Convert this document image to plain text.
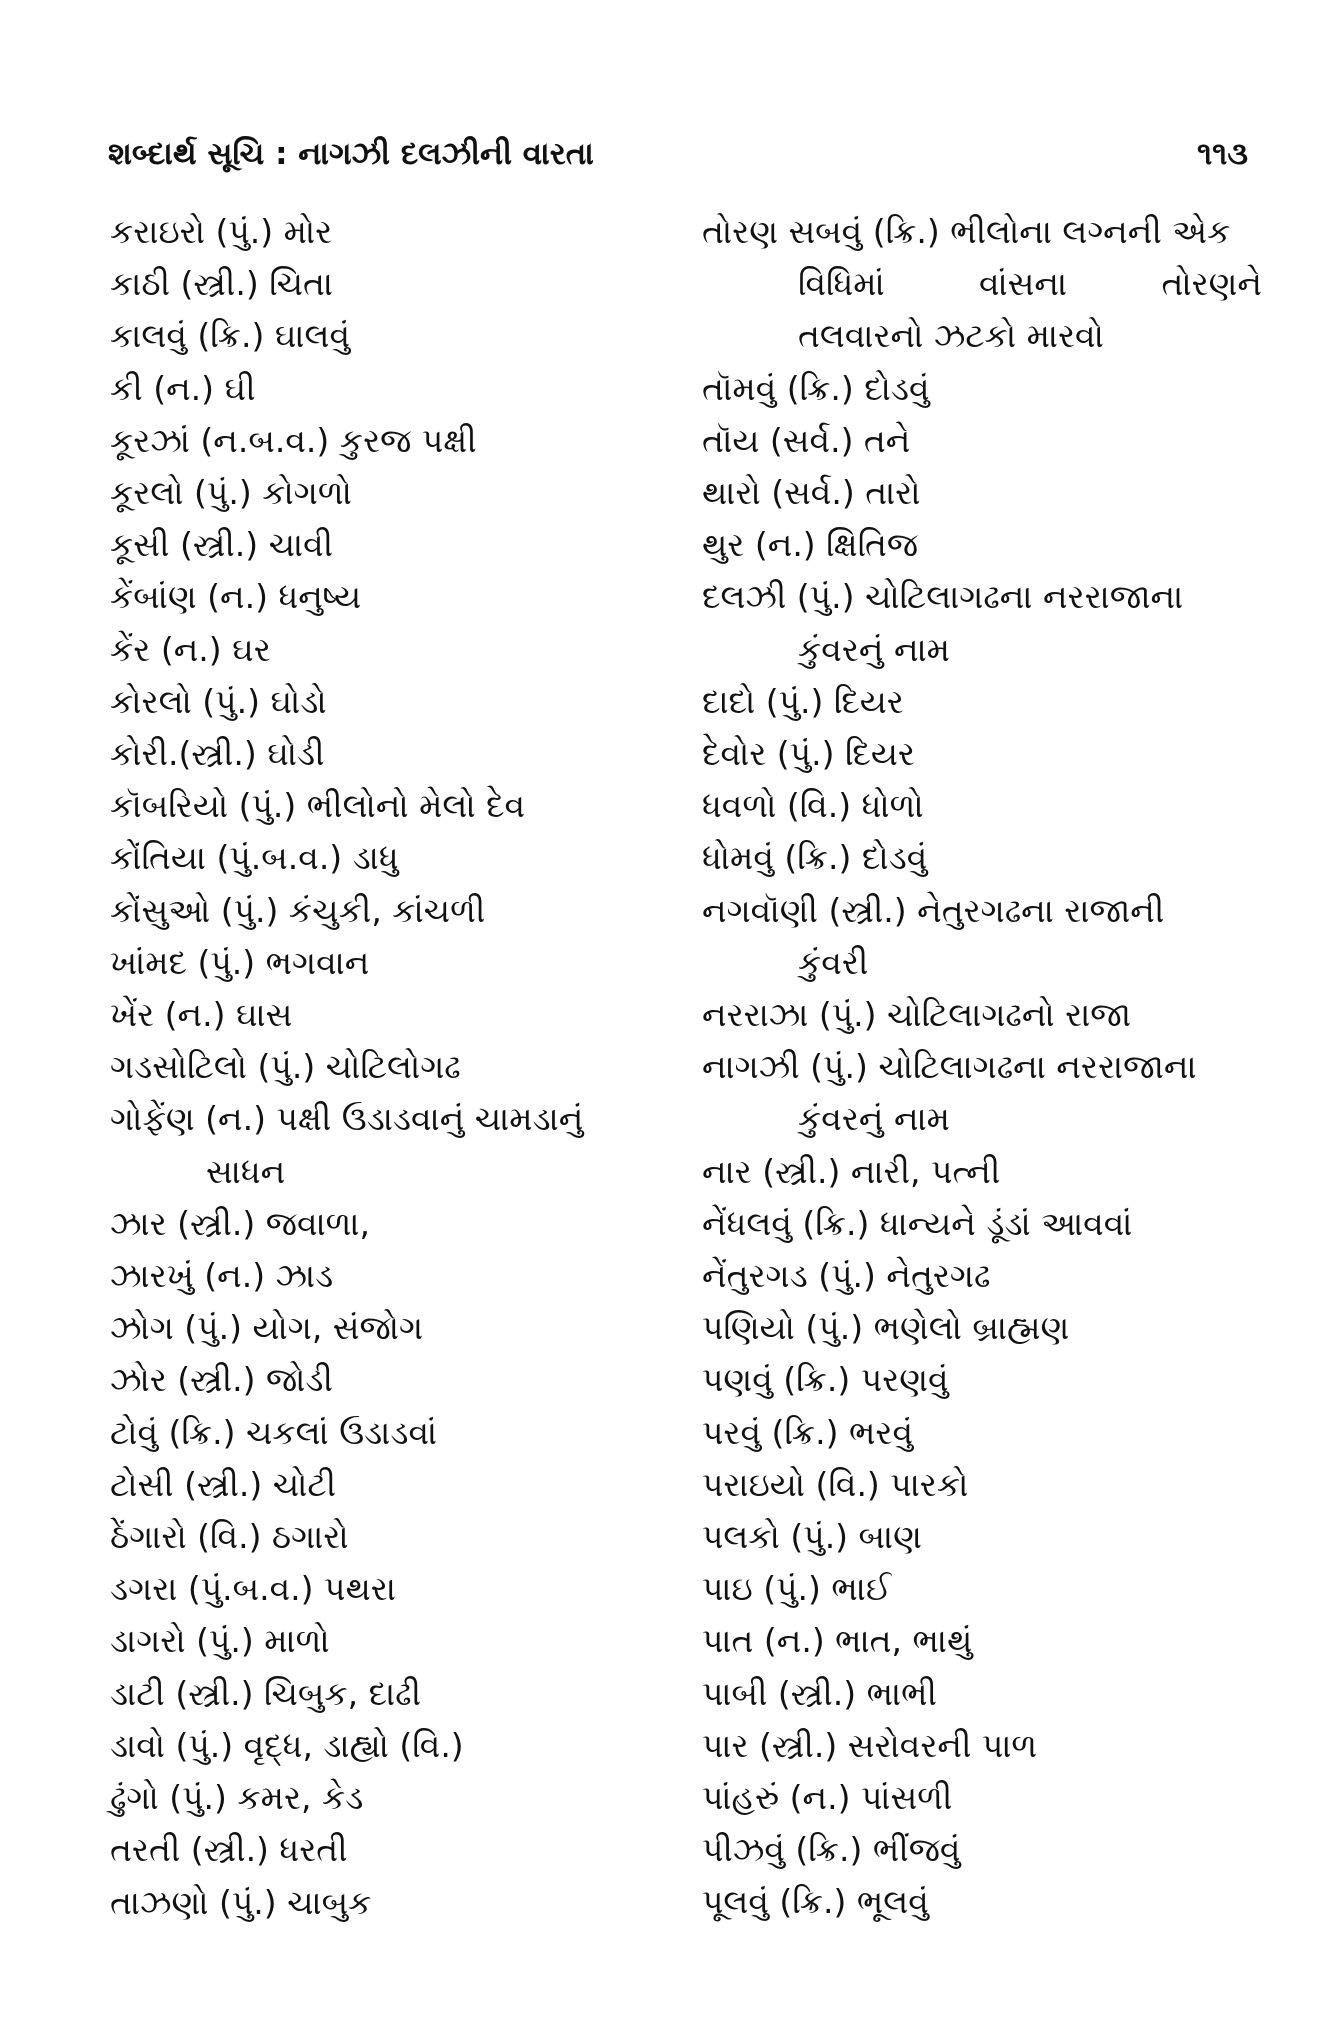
શબ્દાર્થ સૂચિ : નાગઝી દલઝીની વારતા	૧૧૩
કરાઇરો (પું.) મોર
કાઠી (સ્ત્રી.) ચિતા
કાલવું (ક્રિ.) ઘાલવું
કી (ન.) ઘી
કૂરઝાં (ન.બ.વ.) કુરજ પક્ષી
કૂરલો (પું.) કોગળો
કૂસી (સ્ત્રી.) ચાવી
કેંબાંણ (ન.) ધનુષ્ય
કેંર (ન.) ઘર
કોરલો (પું.) ઘોડો
કોરી.(સ્ત્રી.) ઘોડી
કૉબરિયો (પું.) ભીલોનો મેલો દેવ
કોંતિયા (પું.બ.વ.) ડાધુ
કોંસુઓ (પું.) કંચુકી, કાંચળી
ખાંમદ (પું.) ભગવાન
ખેંર (ન.) ઘાસ
ગડસોટિલો (પું.) ચોટિલોગઢ
ગોફેંણ (ન.) પક્ષી ઉડાડવાનું ચામડાનું
સાધન
ઝાર (સ્ત્રી.) જવાળા,
ઝારખું (ન.) ઝાડ
ઝોગ (પું.) યોગ, સંજોગ
ઝોર (સ્ત્રી.) જોડી
ટોવું (ક્રિ.) ચકલાં ઉડાડવાં
ટોસી (સ્ત્રી.) ચોટી
ઠેંગારો (વિ.) ઠગારો
ડગરા (પું.બ.વ.) પથરા
ડાગરો (પું.) માળો
ડાટી (સ્ત્રી.) ચિબુક, દાઢી
ડાવો (પું.) વૃદ્ધ, ડાહ્યો (વિ.)
ઢુંગો (પું.) કમર, કેડ
તરતી (સ્ત્રી.) ધરતી
તાઝણો (પું.) ચાબુક
તોરણ સબવું (ક્રિ.) ભીલોના લગ્નની એક
વિધિમાં વાંસના તોરણને
તલવારનો ઝટકો મારવો
તૉમવું (ક્રિ.) દોડવું
તૉય (સર્વ.) તને
થારો (સર્વ.) તારો
થુર (ન.) ક્ષિતિજ
દલઝી (પું.) ચોટિલાગઢના નરરાજાના
કુંવરનું નામ
દાદો (પું.) દિયર
દેવોર (પું.) દિયર
ધવળો (વિ.) ધોળો
ધોમવું (ક્રિ.) દોડવું
નગવૉણી (સ્ત્રી.) નેતુરગઢના રાજાની
કુંવરી
નરરાઝા (પું.) ચોટિલાગઢનો રાજા
નાગઝી (પું.) ચોટિલાગઢના નરરાજાના
કુંવરનું નામ
નાર (સ્ત્રી.) નારી, પત્ની
નેંધલવું (ક્રિ.) ધાન્યને ડૂંડાં આવવાં
નેંતુરગડ (પું.) નેતુરગઢ
પણિયો (પું.) ભણેલો બ્રાહ્મણ
પણવું (ક્રિ.) પરણવું
પરવું (ક્રિ.) ભરવું
પરાઇયો (વિ.) પારકો
પલકો (પું.) બાણ
પાઇ (પું.) ભાઈ
પાત (ન.) ભાત, ભાથું
પાબી (સ્ત્રી.) ભાભી
પાર (સ્ત્રી.) સરોવરની પાળ
પાંહરું (ન.) પાંસળી
પીઝવું (ક્રિ.) ભીંજવું
પૂલવું (ક્રિ.) ભૂલવું
